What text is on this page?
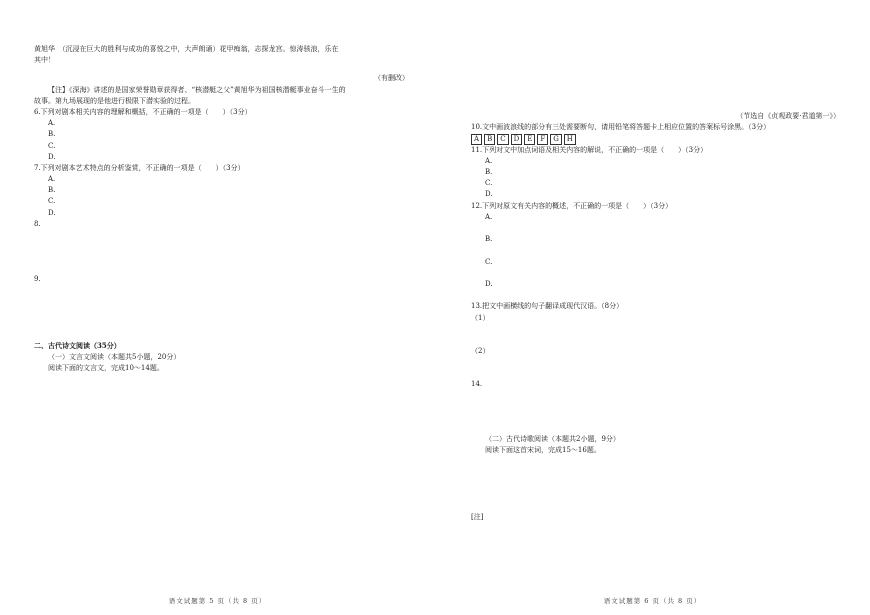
黄旭华　（沉浸在巨大的胜利与成功的喜悦之中，大声朗诵）花甲痴翁，志探龙宫。惊涛骇浪，乐在
其中！
（有删改）
【注】《深海》讲述的是国家荣誉勋章获得者、“核潜艇之父”黄旭华为祖国核潜艇事业奋斗一生的
故事。第九场展现的是他进行极限下潜实验的过程。
6.下列对剧本相关内容的理解和概括，不正确的一项是（　　）（3分）
A.
B.
C.
D.
7.下列对剧本艺术特点的分析鉴赏，不正确的一项是（　　）（3分）
A.
B.
C.
D.
8.
9.
二、古代诗文阅读（35分）
（一）文言文阅读（本题共5小题，20分）
阅读下面的文言文，完成10～14题。
（节选自《贞观政要·君道第一》）
10.文中画波浪线的部分有三处需要断句，请用铅笔将答题卡上相应位置的答案标号涂黑。（3分）
A	B	C	D	E	F	G	H
11.下列对文中加点词语及相关内容的解说，不正确的一项是（　　）（3分）
A.
B.
C.
D.
12.下列对原文有关内容的概述，不正确的一项是（　　）（3分）
A.
B.
C.
D.
13.把文中画横线的句子翻译成现代汉语。（8分）
（1）
（2）
14.
（二）古代诗歌阅读（本题共2小题，9分）
阅读下面这首宋词，完成15～16题。
[注]
语文试题第 5 页（共 8 页）	语文试题第 6 页（共 8 页）
